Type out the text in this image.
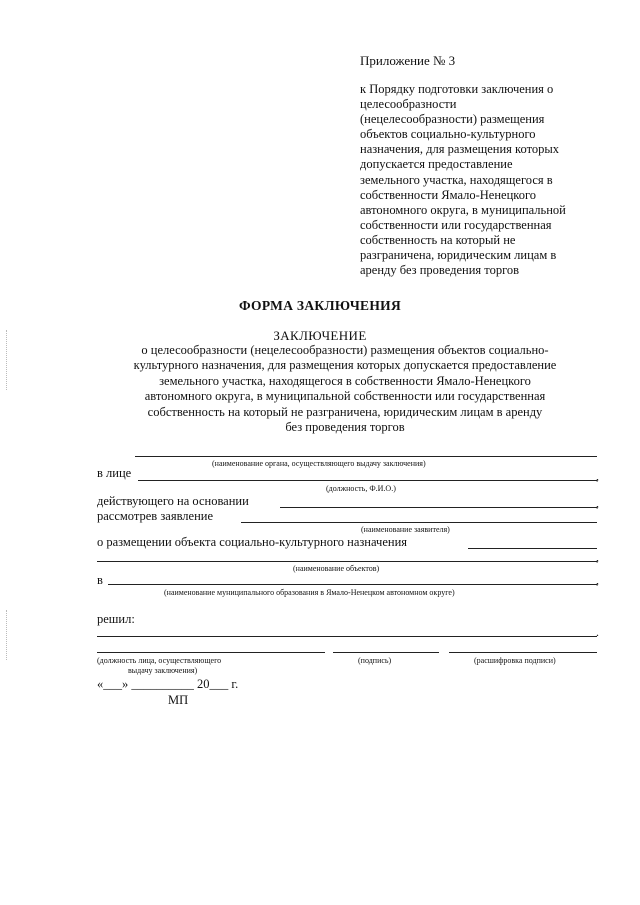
Приложение № 3
к Порядку подготовки заключения о
целесообразности
(нецелесообразности) размещения
объектов социально-культурного
назначения, для размещения которых
допускается предоставление
земельного участка, находящегося в
собственности Ямало-Ненецкого
автономного округа, в муниципальной
собственности или государственная
собственность на который не
разграничена, юридическим лицам в
аренду без проведения торгов
ФОРМА ЗАКЛЮЧЕНИЯ
ЗАКЛЮЧЕНИЕ
о целесообразности (нецелесообразности) размещения объектов социально-
культурного назначения, для размещения которых допускается предоставление
земельного участка, находящегося в собственности Ямало-Ненецкого
автономного округа, в муниципальной собственности или государственная
собственность на который не разграничена, юридическим лицам в аренду
без проведения торгов
(наименование органа, осуществляющего выдачу заключения)
в лице	,
(должность, Ф.И.О.)
действующего на основании	,
рассмотрев заявление
(наименование заявителя)
о размещении объекта социально-культурного назначения
,
(наименование объектов)
в	,
(наименование муниципального образования в Ямало-Ненецком автономном округе)
решил:
.
(должность лица, осуществляющего
выдачу заключения)
(подпись)	(расшифровка подписи)
«___» __________ 20___ г.
МП
